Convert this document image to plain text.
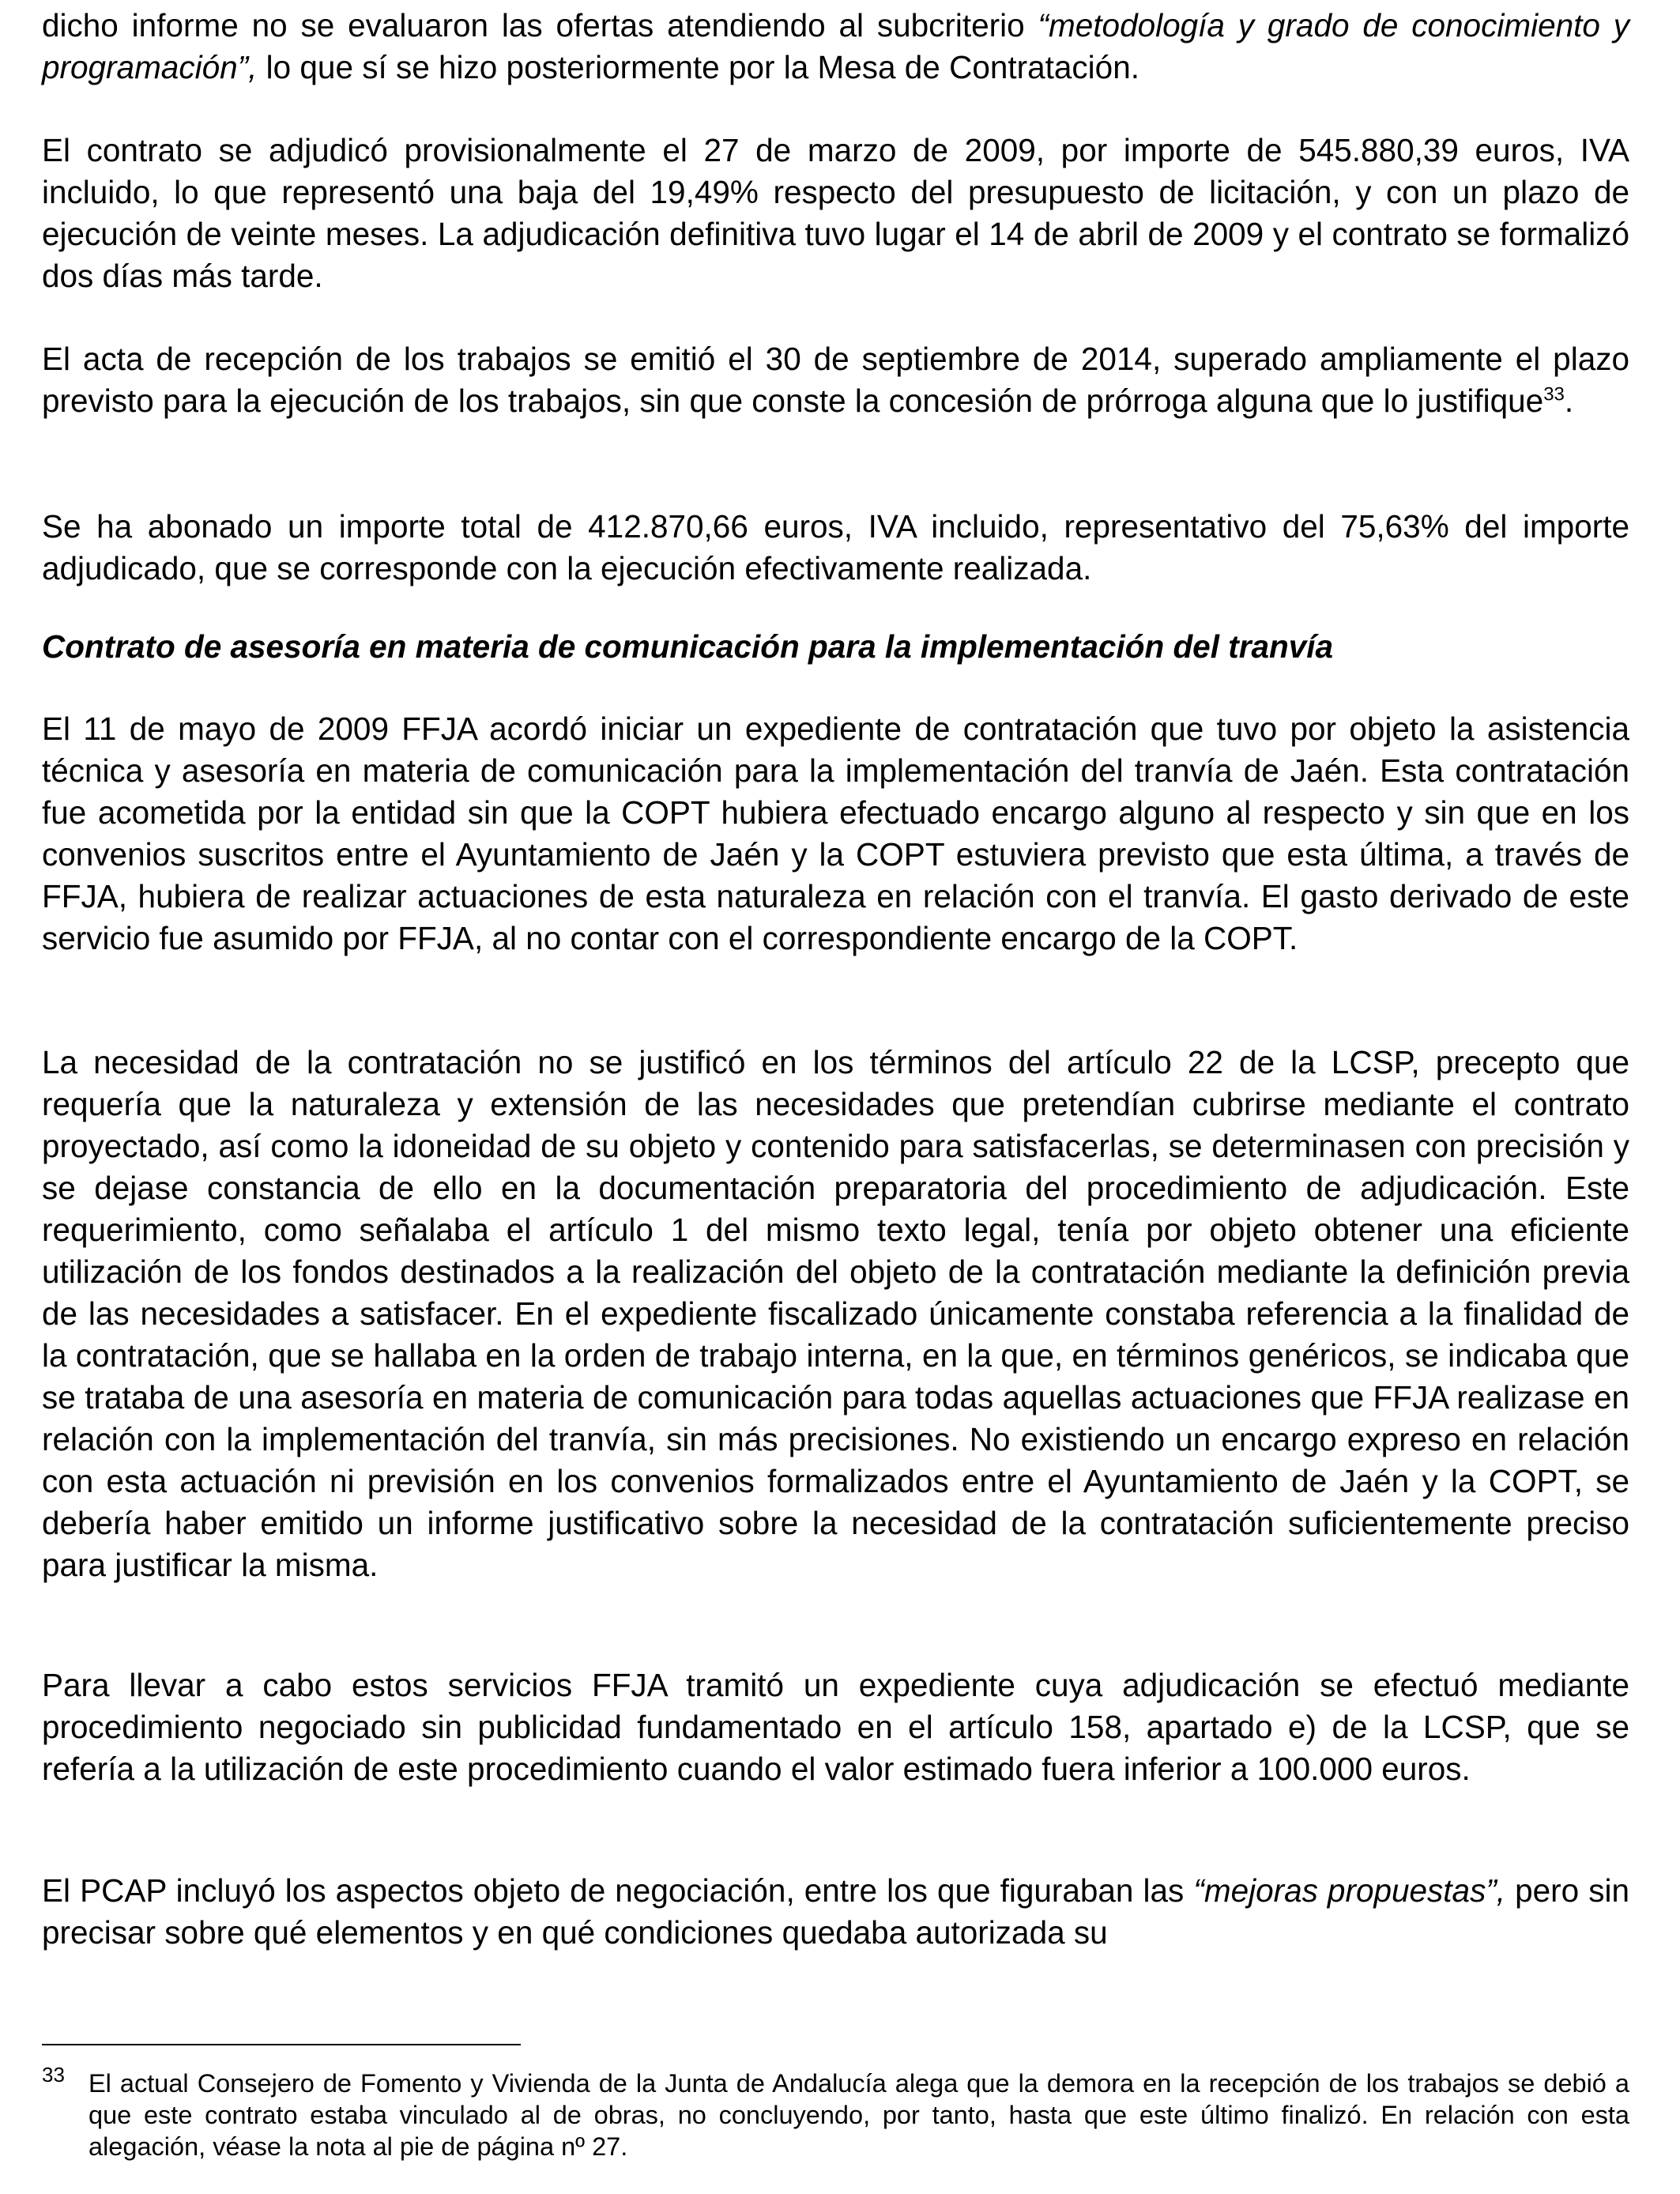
dicho informe no se evaluaron las ofertas atendiendo al subcriterio “metodología y grado de conocimiento y programación”, lo que sí se hizo posteriormente por la Mesa de Contratación.

El contrato se adjudicó provisionalmente el 27 de marzo de 2009, por importe de 545.880,39 euros, IVA incluido, lo que representó una baja del 19,49% respecto del presupuesto de licitación, y con un plazo de ejecución de veinte meses. La adjudicación definitiva tuvo lugar el 14 de abril de 2009 y el contrato se formalizó dos días más tarde.

El acta de recepción de los trabajos se emitió el 30 de septiembre de 2014, superado ampliamente el plazo previsto para la ejecución de los trabajos, sin que conste la concesión de prórroga alguna que lo justifique$^{33}$.

Se ha abonado un importe total de 412.870,66 euros, IVA incluido, representativo del 75,63% del importe adjudicado, que se corresponde con la ejecución efectivamente realizada.

Contrato de asesoría en materia de comunicación para la implementación del tranvía

El 11 de mayo de 2009 FFJA acordó iniciar un expediente de contratación que tuvo por objeto la asistencia técnica y asesoría en materia de comunicación para la implementación del tranvía de Jaén. Esta contratación fue acometida por la entidad sin que la COPT hubiera efectuado encargo alguno al respecto y sin que en los convenios suscritos entre el Ayuntamiento de Jaén y la COPT estuviera previsto que esta última, a través de FFJA, hubiera de realizar actuaciones de esta naturaleza en relación con el tranvía. El gasto derivado de este servicio fue asumido por FFJA, al no contar con el correspondiente encargo de la COPT.

La necesidad de la contratación no se justificó en los términos del artículo 22 de la LCSP, precepto que requería que la naturaleza y extensión de las necesidades que pretendían cubrirse mediante el contrato proyectado, así como la idoneidad de su objeto y contenido para satisfacerlas, se determinasen con precisión y se dejase constancia de ello en la documentación preparatoria del procedimiento de adjudicación. Este requerimiento, como señalaba el artículo 1 del mismo texto legal, tenía por objeto obtener una eficiente utilización de los fondos destinados a la realización del objeto de la contratación mediante la definición previa de las necesidades a satisfacer. En el expediente fiscalizado únicamente constaba referencia a la finalidad de la contratación, que se hallaba en la orden de trabajo interna, en la que, en términos genéricos, se indicaba que se trataba de una asesoría en materia de comunicación para todas aquellas actuaciones que FFJA realizase en relación con la implementación del tranvía, sin más precisiones. No existiendo un encargo expreso en relación con esta actuación ni previsión en los convenios formalizados entre el Ayuntamiento de Jaén y la COPT, se debería haber emitido un informe justificativo sobre la necesidad de la contratación suficientemente preciso para justificar la misma.

Para llevar a cabo estos servicios FFJA tramitó un expediente cuya adjudicación se efectuó mediante procedimiento negociado sin publicidad fundamentado en el artículo 158, apartado e) de la LCSP, que se refería a la utilización de este procedimiento cuando el valor estimado fuera inferior a 100.000 euros.

El PCAP incluyó los aspectos objeto de negociación, entre los que figuraban las “mejoras propuestas”, pero sin precisar sobre qué elementos y en qué condiciones quedaba autorizada su

33 El actual Consejero de Fomento y Vivienda de la Junta de Andalucía alega que la demora en la recepción de los trabajos se debió a que este contrato estaba vinculado al de obras, no concluyendo, por tanto, hasta que este último finalizó. En relación con esta alegación, véase la nota al pie de página nº 27.
